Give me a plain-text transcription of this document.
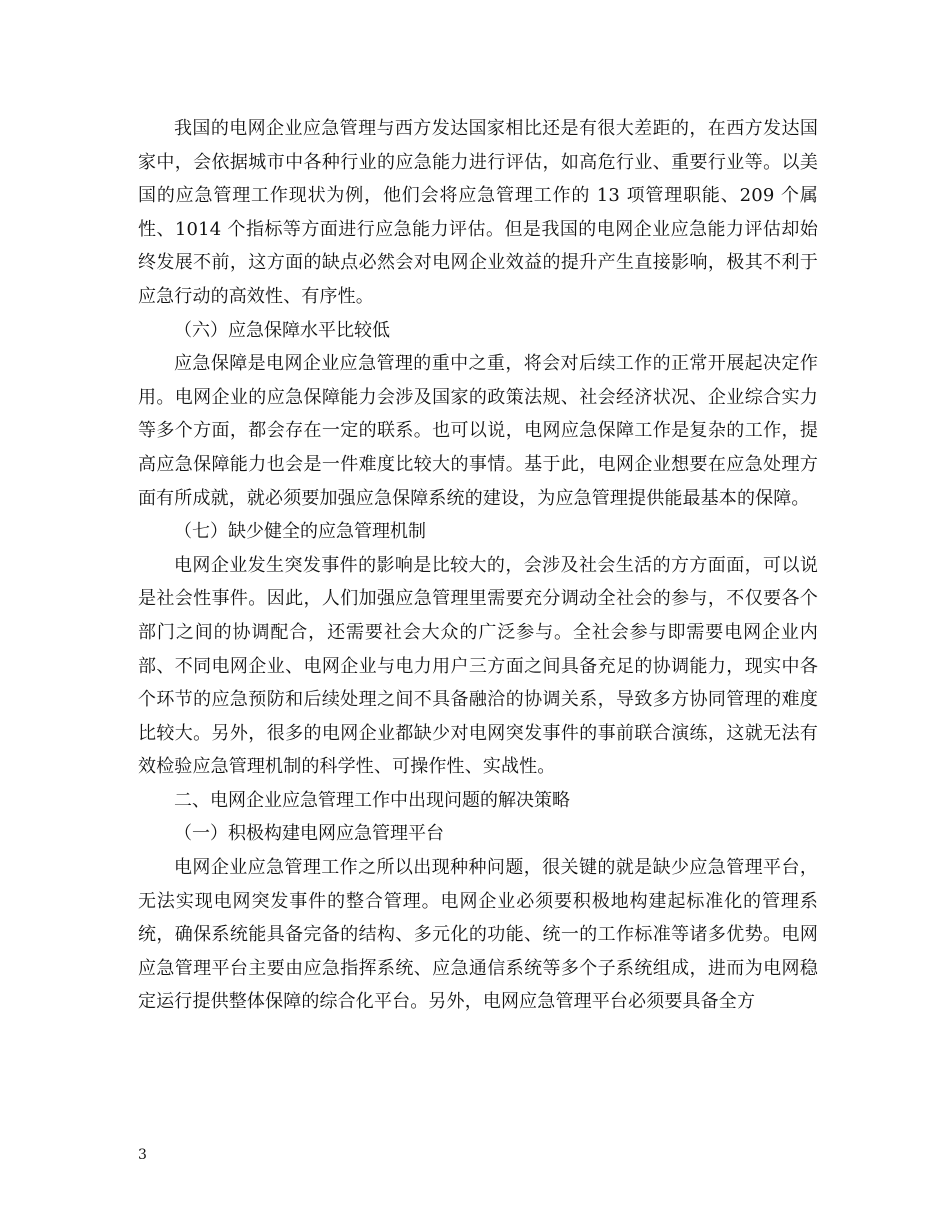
我国的电网企业应急管理与西方发达国家相比还是有很大差距的，在西方发达国家中，会依据城市中各种行业的应急能力进行评估，如高危行业、重要行业等。以美国的应急管理工作现状为例，他们会将应急管理工作的 13 项管理职能、209 个属性、1014 个指标等方面进行应急能力评估。但是我国的电网企业应急能力评估却始终发展不前，这方面的缺点必然会对电网企业效益的提升产生直接影响，极其不利于应急行动的高效性、有序性。

（六）应急保障水平比较低

应急保障是电网企业应急管理的重中之重，将会对后续工作的正常开展起决定作用。电网企业的应急保障能力会涉及国家的政策法规、社会经济状况、企业综合实力等多个方面，都会存在一定的联系。也可以说，电网应急保障工作是复杂的工作，提高应急保障能力也会是一件难度比较大的事情。基于此，电网企业想要在应急处理方面有所成就，就必须要加强应急保障系统的建设，为应急管理提供能最基本的保障。

（七）缺少健全的应急管理机制

电网企业发生突发事件的影响是比较大的，会涉及社会生活的方方面面，可以说是社会性事件。因此，人们加强应急管理里需要充分调动全社会的参与，不仅要各个部门之间的协调配合，还需要社会大众的广泛参与。全社会参与即需要电网企业内部、不同电网企业、电网企业与电力用户三方面之间具备充足的协调能力，现实中各个环节的应急预防和后续处理之间不具备融洽的协调关系，导致多方协同管理的难度比较大。另外，很多的电网企业都缺少对电网突发事件的事前联合演练，这就无法有效检验应急管理机制的科学性、可操作性、实战性。

二、电网企业应急管理工作中出现问题的解决策略

（一）积极构建电网应急管理平台

电网企业应急管理工作之所以出现种种问题，很关键的就是缺少应急管理平台，无法实现电网突发事件的整合管理。电网企业必须要积极地构建起标准化的管理系统，确保系统能具备完备的结构、多元化的功能、统一的工作标准等诸多优势。电网应急管理平台主要由应急指挥系统、应急通信系统等多个子系统组成，进而为电网稳定运行提供整体保障的综合化平台。另外，电网应急管理平台必须要具备全方

3
